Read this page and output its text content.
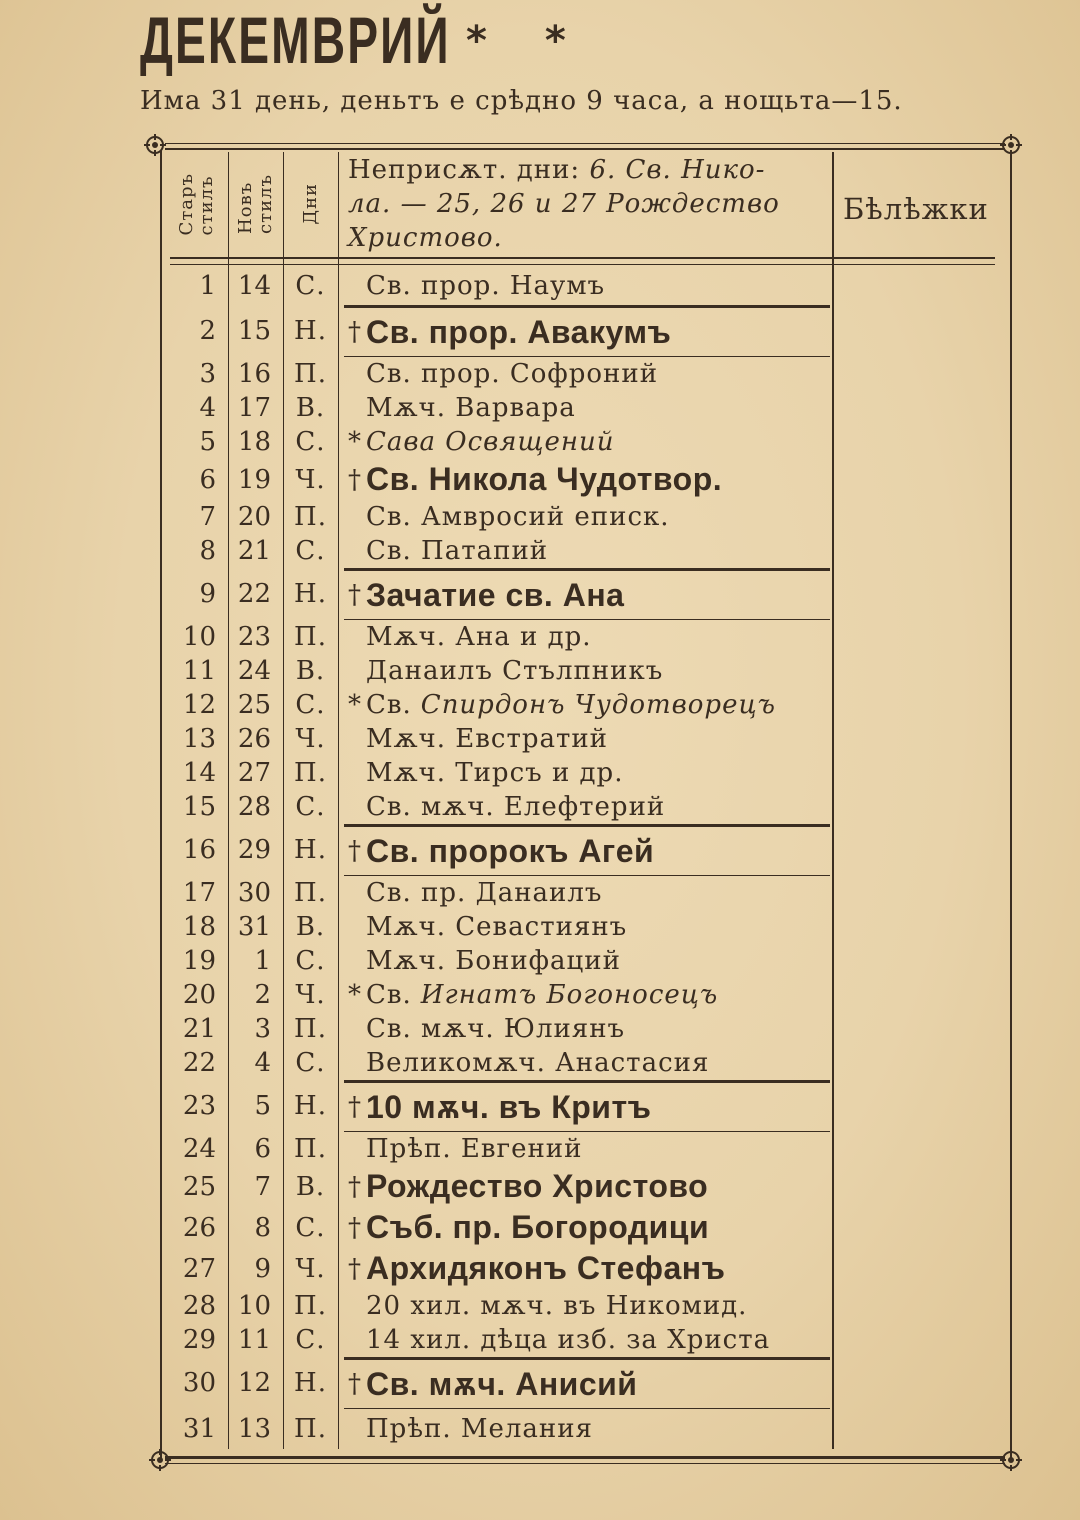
ДЕКЕМВРИЙ * *
Има 31 день, деньтъ е срѣдно 9 часа, а нощьта—15.
Старъ стилъ Новъ стилъ Дни
Неприсѫт. дни: 6. Св. Нико-
ла. — 25, 26 и 27 Рождество
Христово.
Бѣлѣжки
1 14 С.	Св. прор. Наумъ
2 15 Н. † Св. прор. Авакумъ
3 16 П.	Св. прор. Софроний
4 17 В.	Мѫч. Варвара
5 18 С. * Сава Освящений
6 19 Ч. † Св. Никола Чудотвор.
7 20 П.	Св. Амвросий еписк.
8 21 С.	Св. Патапий
9 22 Н. † Зачатие св. Ана
10 23 П.	Мѫч. Ана и др.
11 24 В.	Данаилъ Стълпникъ
12 25 С. * Св. Спирдонъ Чудотворецъ
13 26 Ч.	Мѫч. Евстратий
14 27 П.	Мѫч. Тирсъ и др.
15 28 С.	Св. мѫч. Елефтерий
16 29 Н. † Св. пророкъ Агей
17 30 П.	Св. пр. Данаилъ
18 31 В.	Мѫч. Севастиянъ
19	1 С.	Мѫч. Бонифаций
20	2 Ч. * Св. Игнатъ Богоносецъ
21	3 П.	Св. мѫч. Юлиянъ
22	4 С.	Великомѫч. Анастасия
23	5 Н. † 10 мѫч. въ Критъ
24	6 П.	Прѣп. Евгений
25	7 В. † Рождество Христово
26	8 С. † Съб. пр. Богородици
27	9 Ч. † Архидяконъ Стефанъ
28 10 П.	20 хил. мѫч. въ Никомид.
29 11 С.	14 хил. дѣца изб. за Христа
30 12 Н. † Св. мѫч. Анисий
31 13 П.	Прѣп. Мелания
